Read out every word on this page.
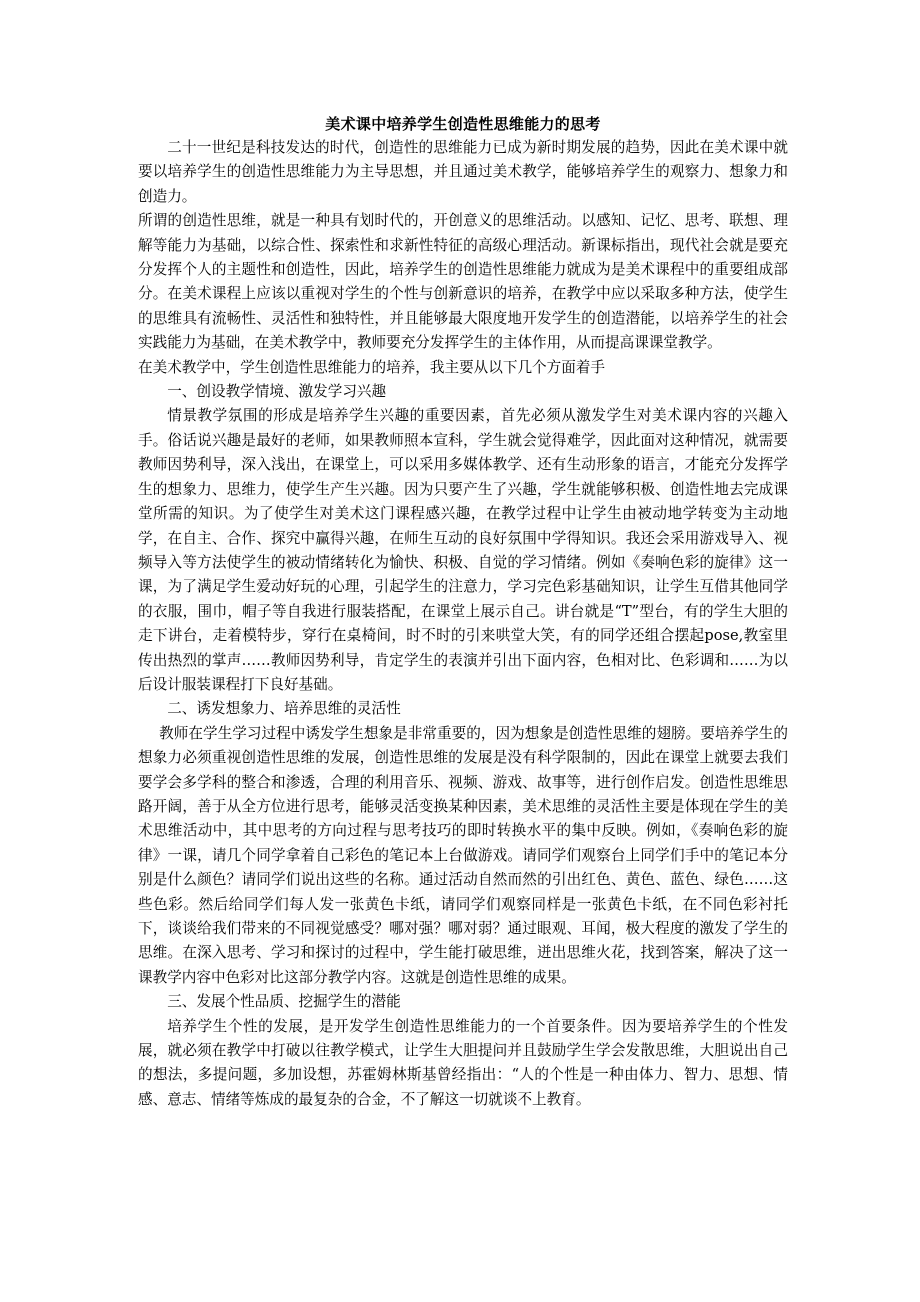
美术课中培养学生创造性思维能力的思考

二十一世纪是科技发达的时代，创造性的思维能力已成为新时期发展的趋势，因此在美术课中就要以培养学生的创造性思维能力为主导思想，并且通过美术教学，能够培养学生的观察力、想象力和创造力。

所谓的创造性思维，就是一种具有划时代的，开创意义的思维活动。以感知、记忆、思考、联想、理解等能力为基础，以综合性、探索性和求新性特征的高级心理活动。新课标指出，现代社会就是要充分发挥个人的主题性和创造性，因此，培养学生的创造性思维能力就成为是美术课程中的重要组成部分。在美术课程上应该以重视对学生的个性与创新意识的培养，在教学中应以采取多种方法，使学生的思维具有流畅性、灵活性和独特性，并且能够最大限度地开发学生的创造潜能，以培养学生的社会实践能力为基础，在美术教学中，教师要充分发挥学生的主体作用，从而提高课课堂教学。

在美术教学中，学生创造性思维能力的培养，我主要从以下几个方面着手

一、创设教学情境、激发学习兴趣

情景教学氛围的形成是培养学生兴趣的重要因素，首先必须从激发学生对美术课内容的兴趣入手。俗话说兴趣是最好的老师，如果教师照本宣科，学生就会觉得难学，因此面对这种情况，就需要教师因势利导，深入浅出，在课堂上，可以采用多媒体教学、还有生动形象的语言，才能充分发挥学生的想象力、思维力，使学生产生兴趣。因为只要产生了兴趣，学生就能够积极、创造性地去完成课堂所需的知识。为了使学生对美术这门课程感兴趣，在教学过程中让学生由被动地学转变为主动地学，在自主、合作、探究中赢得兴趣，在师生互动的良好氛围中学得知识。我还会采用游戏导入、视频导入等方法使学生的被动情绪转化为愉快、积极、自觉的学习情绪。例如《奏响色彩的旋律》这一课，为了满足学生爱动好玩的心理，引起学生的注意力，学习完色彩基础知识，让学生互借其他同学的衣服，围巾，帽子等自我进行服装搭配，在课堂上展示自己。讲台就是“T”型台，有的学生大胆的走下讲台，走着模特步，穿行在桌椅间，时不时的引来哄堂大笑，有的同学还组合摆起pose,教室里传出热烈的掌声……教师因势利导，肯定学生的表演并引出下面内容，色相对比、色彩调和……为以后设计服装课程打下良好基础。

二、诱发想象力、培养思维的灵活性

教师在学生学习过程中诱发学生想象是非常重要的，因为想象是创造性思维的翅膀。要培养学生的想象力必须重视创造性思维的发展，创造性思维的发展是没有科学限制的，因此在课堂上就要去我们要学会多学科的整合和渗透，合理的利用音乐、视频、游戏、故事等，进行创作启发。创造性思维思路开阔，善于从全方位进行思考，能够灵活变换某种因素，美术思维的灵活性主要是体现在学生的美术思维活动中，其中思考的方向过程与思考技巧的即时转换水平的集中反映。例如，《奏响色彩的旋律》一课，请几个同学拿着自己彩色的笔记本上台做游戏。请同学们观察台上同学们手中的笔记本分别是什么颜色？请同学们说出这些的名称。通过活动自然而然的引出红色、黄色、蓝色、绿色……这些色彩。然后给同学们每人发一张黄色卡纸，请同学们观察同样是一张黄色卡纸，在不同色彩衬托下，谈谈给我们带来的不同视觉感受？哪对强？哪对弱？通过眼观、耳闻，极大程度的激发了学生的思维。在深入思考、学习和探讨的过程中，学生能打破思维，迸出思维火花，找到答案，解决了这一课教学内容中色彩对比这部分教学内容。这就是创造性思维的成果。

三、发展个性品质、挖掘学生的潜能

培养学生个性的发展，是开发学生创造性思维能力的一个首要条件。因为要培养学生的个性发展，就必须在教学中打破以往教学模式，让学生大胆提问并且鼓励学生学会发散思维，大胆说出自己的想法，多提问题，多加设想，苏霍姆林斯基曾经指出：“人的个性是一种由体力、智力、思想、情感、意志、情绪等炼成的最复杂的合金，不了解这一切就谈不上教育。
